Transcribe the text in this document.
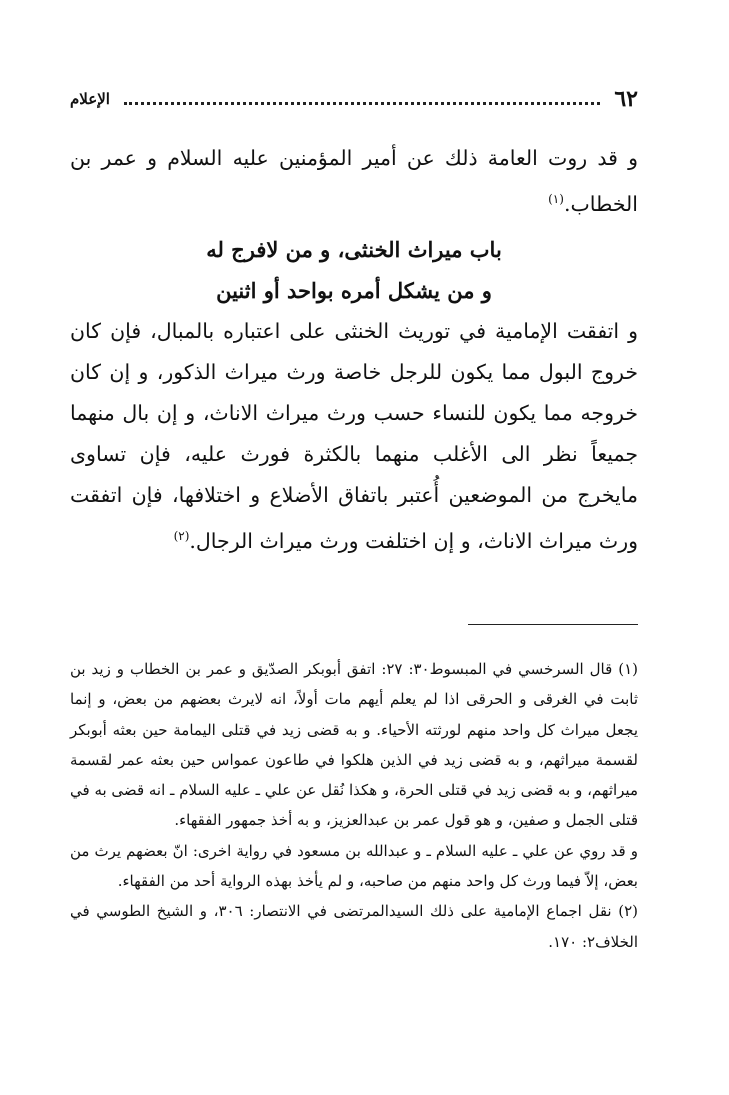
٦٢
الإعلام

و قد روت العامة ذلك عن أمير المؤمنين عليه السلام و عمر بن الخطاب.$^{(١)}$

باب ميراث الخنثى، و من لافرج له

و من يشكل أمره بواحد أو اثنين

و اتفقت الإمامية في توريث الخنثى على اعتباره بالمبال، فإن كان خروج البول مما يكون للرجل خاصة ورث ميراث الذكور، و إن كان خروجه مما يكون للنساء حسب ورث ميراث الاناث، و إن بال منهما جميعاً نظر الى الأغلب منهما بالكثرة فورث عليه، فإن تساوى مايخرج من الموضعين أُعتبر باتفاق الأضلاع و اختلافها، فإن اتفقت ورث ميراث الاناث، و إن اختلفت ورث ميراث الرجال.$^{(٢)}$

(١) قال السرخسي في المبسوط٣٠: ٢٧: اتفق أبوبكر الصدّيق و عمر بن الخطاب و زيد بن ثابت في الغرقى و الحرقى اذا لم يعلم أيهم مات أولاً، انه لايرث بعضهم من بعض، و إنما يجعل ميراث كل واحد منهم لورثته الأحياء. و به قضى زيد في قتلى اليمامة حين بعثه أبوبكر لقسمة ميراثهم، و به قضى زيد في الذين هلكوا في طاعون عمواس حين بعثه عمر لقسمة ميراثهم، و به قضى زيد في قتلى الحرة، و هكذا نُقل عن علي ـ عليه السلام ـ انه قضى به في قتلى الجمل و صفين، و هو قول عمر بن عبدالعزيز، و به أخذ جمهور الفقهاء.

و قد روي عن علي ـ عليه السلام ـ و عبدالله بن مسعود في رواية اخرى: انّ بعضهم يرث من بعض، إلاّ فيما ورث كل واحد منهم من صاحبه، و لم يأخذ بهذه الرواية أحد من الفقهاء.

(٢) نقل اجماع الإمامية على ذلك السيدالمرتضى في الانتصار: ٣٠٦، و الشيخ الطوسي في الخلاف٢: ١٧٠.
